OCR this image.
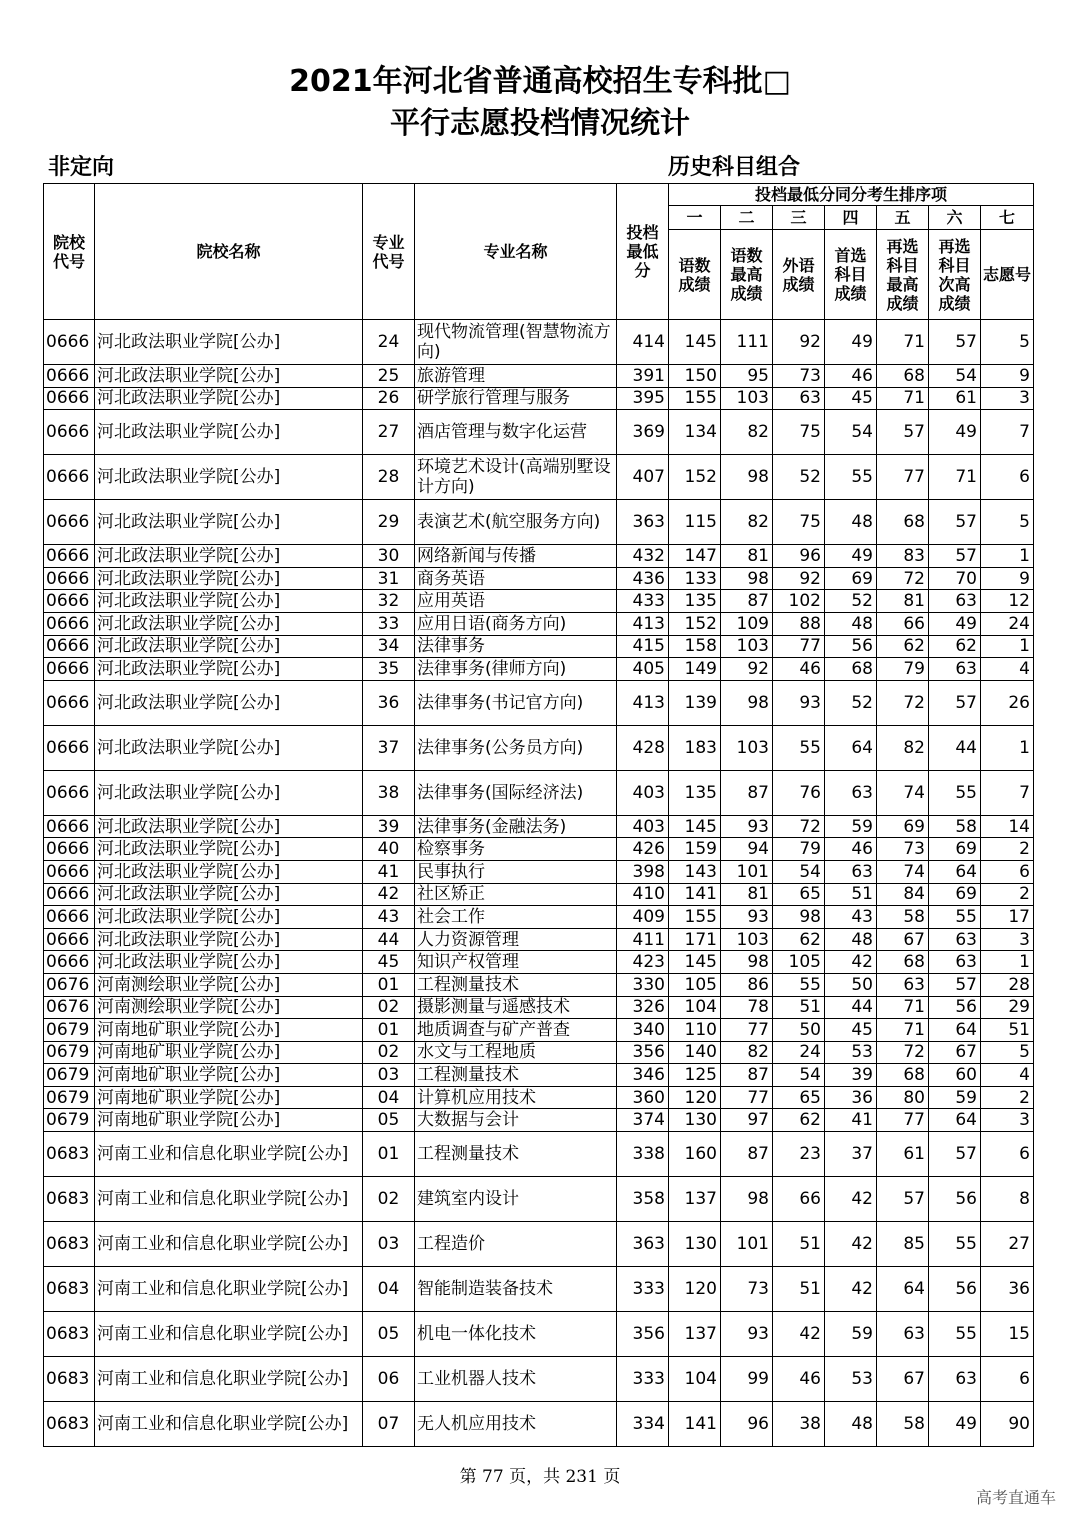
2021年河北省普通高校招生专科批□
平行志愿投档情况统计
非定向	历史科目组合
院校代号	院校名称	专业代号	专业名称	投档最低分	投档最低分同分考生排序项						
					一	二	三	四	五	六	七
					语数成绩	语数最高成绩	外语成绩	首选科目成绩	再选科目最高成绩	再选科目次高成绩	志愿号
0666	河北政法职业学院[公办]	24	现代物流管理(智慧物流方向)	414	145	111	92	49	71	57	5
0666	河北政法职业学院[公办]	25	旅游管理	391	150	95	73	46	68	54	9
0666	河北政法职业学院[公办]	26	研学旅行管理与服务	395	155	103	63	45	71	61	3
0666	河北政法职业学院[公办]	27	酒店管理与数字化运营	369	134	82	75	54	57	49	7
0666	河北政法职业学院[公办]	28	环境艺术设计(高端别墅设计方向)	407	152	98	52	55	77	71	6
0666	河北政法职业学院[公办]	29	表演艺术(航空服务方向)	363	115	82	75	48	68	57	5
0666	河北政法职业学院[公办]	30	网络新闻与传播	432	147	81	96	49	83	57	1
0666	河北政法职业学院[公办]	31	商务英语	436	133	98	92	69	72	70	9
0666	河北政法职业学院[公办]	32	应用英语	433	135	87	102	52	81	63	12
0666	河北政法职业学院[公办]	33	应用日语(商务方向)	413	152	109	88	48	66	49	24
0666	河北政法职业学院[公办]	34	法律事务	415	158	103	77	56	62	62	1
0666	河北政法职业学院[公办]	35	法律事务(律师方向)	405	149	92	46	68	79	63	4
0666	河北政法职业学院[公办]	36	法律事务(书记官方向)	413	139	98	93	52	72	57	26
0666	河北政法职业学院[公办]	37	法律事务(公务员方向)	428	183	103	55	64	82	44	1
0666	河北政法职业学院[公办]	38	法律事务(国际经济法)	403	135	87	76	63	74	55	7
0666	河北政法职业学院[公办]	39	法律事务(金融法务)	403	145	93	72	59	69	58	14
0666	河北政法职业学院[公办]	40	检察事务	426	159	94	79	46	73	69	2
0666	河北政法职业学院[公办]	41	民事执行	398	143	101	54	63	74	64	6
0666	河北政法职业学院[公办]	42	社区矫正	410	141	81	65	51	84	69	2
0666	河北政法职业学院[公办]	43	社会工作	409	155	93	98	43	58	55	17
0666	河北政法职业学院[公办]	44	人力资源管理	411	171	103	62	48	67	63	3
0666	河北政法职业学院[公办]	45	知识产权管理	423	145	98	105	42	68	63	1
0676	河南测绘职业学院[公办]	01	工程测量技术	330	105	86	55	50	63	57	28
0676	河南测绘职业学院[公办]	02	摄影测量与遥感技术	326	104	78	51	44	71	56	29
0679	河南地矿职业学院[公办]	01	地质调查与矿产普查	340	110	77	50	45	71	64	51
0679	河南地矿职业学院[公办]	02	水文与工程地质	356	140	82	24	53	72	67	5
0679	河南地矿职业学院[公办]	03	工程测量技术	346	125	87	54	39	68	60	4
0679	河南地矿职业学院[公办]	04	计算机应用技术	360	120	77	65	36	80	59	2
0679	河南地矿职业学院[公办]	05	大数据与会计	374	130	97	62	41	77	64	3
0683	河南工业和信息化职业学院[公办]	01	工程测量技术	338	160	87	23	37	61	57	6
0683	河南工业和信息化职业学院[公办]	02	建筑室内设计	358	137	98	66	42	57	56	8
0683	河南工业和信息化职业学院[公办]	03	工程造价	363	130	101	51	42	85	55	27
0683	河南工业和信息化职业学院[公办]	04	智能制造装备技术	333	120	73	51	42	64	56	36
0683	河南工业和信息化职业学院[公办]	05	机电一体化技术	356	137	93	42	59	63	55	15
0683	河南工业和信息化职业学院[公办]	06	工业机器人技术	333	104	99	46	53	67	63	6
0683	河南工业和信息化职业学院[公办]	07	无人机应用技术	334	141	96	38	48	58	49	90
第 77 页，共 231 页
高考直通车
